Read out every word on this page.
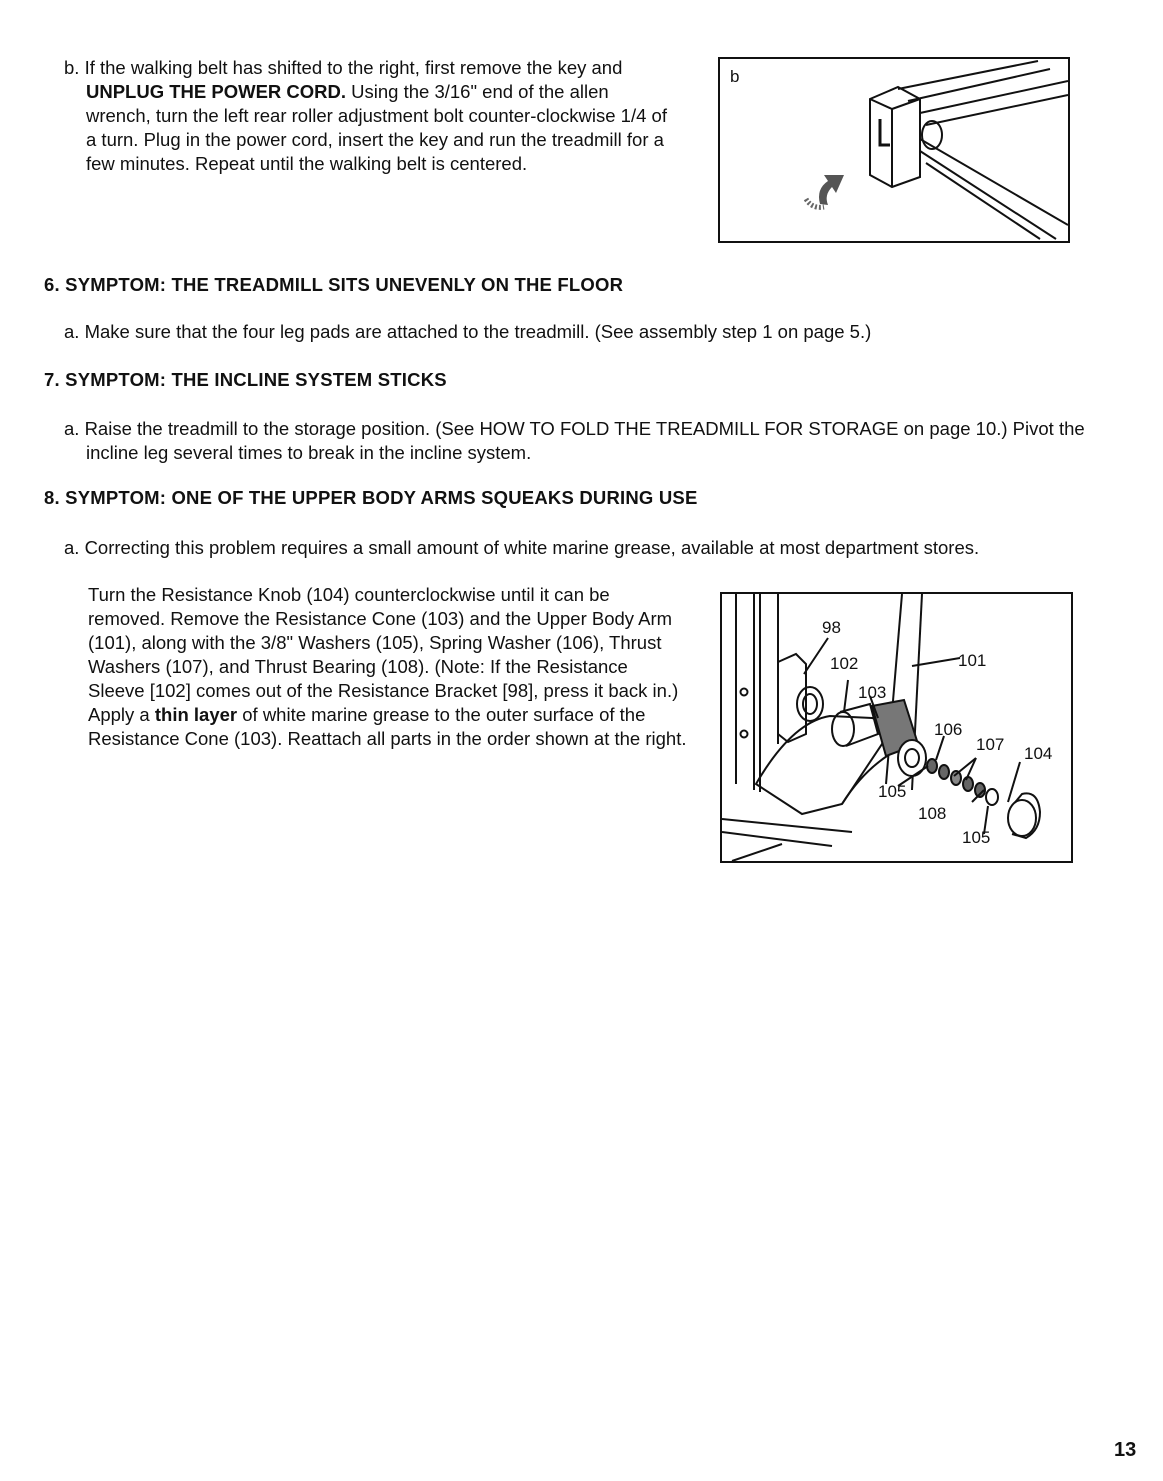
b. If the walking belt has shifted to the right, first remove the key and UNPLUG THE POWER CORD. Using the 3/16" end of the allen wrench, turn the left rear roller adjustment bolt counter-clockwise 1/4 of a turn. Plug in the power cord, insert the key and run the treadmill for a few minutes. Repeat until the walking belt is centered.

b
6. SYMPTOM: THE TREADMILL SITS UNEVENLY ON THE FLOOR
a. Make sure that the four leg pads are attached to the treadmill. (See assembly step 1 on page 5.)
7. SYMPTOM: THE INCLINE SYSTEM STICKS
a. Raise the treadmill to the storage position. (See HOW TO FOLD THE TREADMILL FOR STORAGE on page 10.) Pivot the incline leg several times to break in the incline system.
8. SYMPTOM: ONE OF THE UPPER BODY ARMS SQUEAKS DURING USE
a. Correcting this problem requires a small amount of white marine grease, available at most department stores.

Turn the Resistance Knob (104) counterclockwise until it can be removed. Remove the Resistance Cone (103) and the Upper Body Arm (101), along with the 3/8" Washers (105), Spring Washer (106), Thrust Washers (107), and Thrust Bearing (108). (Note: If the Resistance Sleeve [102] comes out of the Resistance Bracket [98], press it back in.) Apply a thin layer of white marine grease to the outer surface of the Resistance Cone (103). Reattach all parts in the order shown at the right.

98
102	101
103
106
107 104
105
108
105
13
